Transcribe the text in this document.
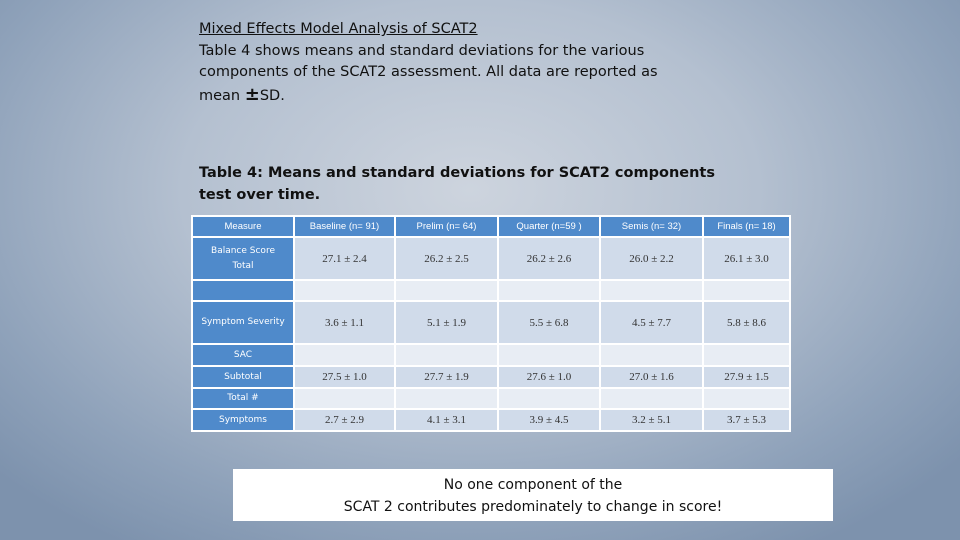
Mixed Effects Model Analysis of SCAT2
Table 4 shows means and standard deviations for the various components of the SCAT2 assessment. All data are reported as mean ±SD.
Table 4: Means and standard deviations for SCAT2 components test over time.
Measure	Baseline (n= 91)	Prelim (n= 64)	Quarter (n=59 )	Semis (n= 32)	Finals (n= 18)
Balance Score Total	27.1 ± 2.4	26.2 ± 2.5	26.2 ± 2.6	26.0 ± 2.2	26.1 ± 3.0

Symptom Severity	3.6 ± 1.1	5.1 ± 1.9	5.5 ± 6.8	4.5 ± 7.7	5.8 ± 8.6
SAC					
Subtotal	27.5 ± 1.0	27.7 ± 1.9	27.6 ± 1.0	27.0 ± 1.6	27.9 ± 1.5
Total #					
Symptoms	2.7 ± 2.9	4.1 ± 3.1	3.9 ± 4.5	3.2 ± 5.1	3.7 ± 5.3
No one component of the
SCAT 2 contributes predominately to change in score!
